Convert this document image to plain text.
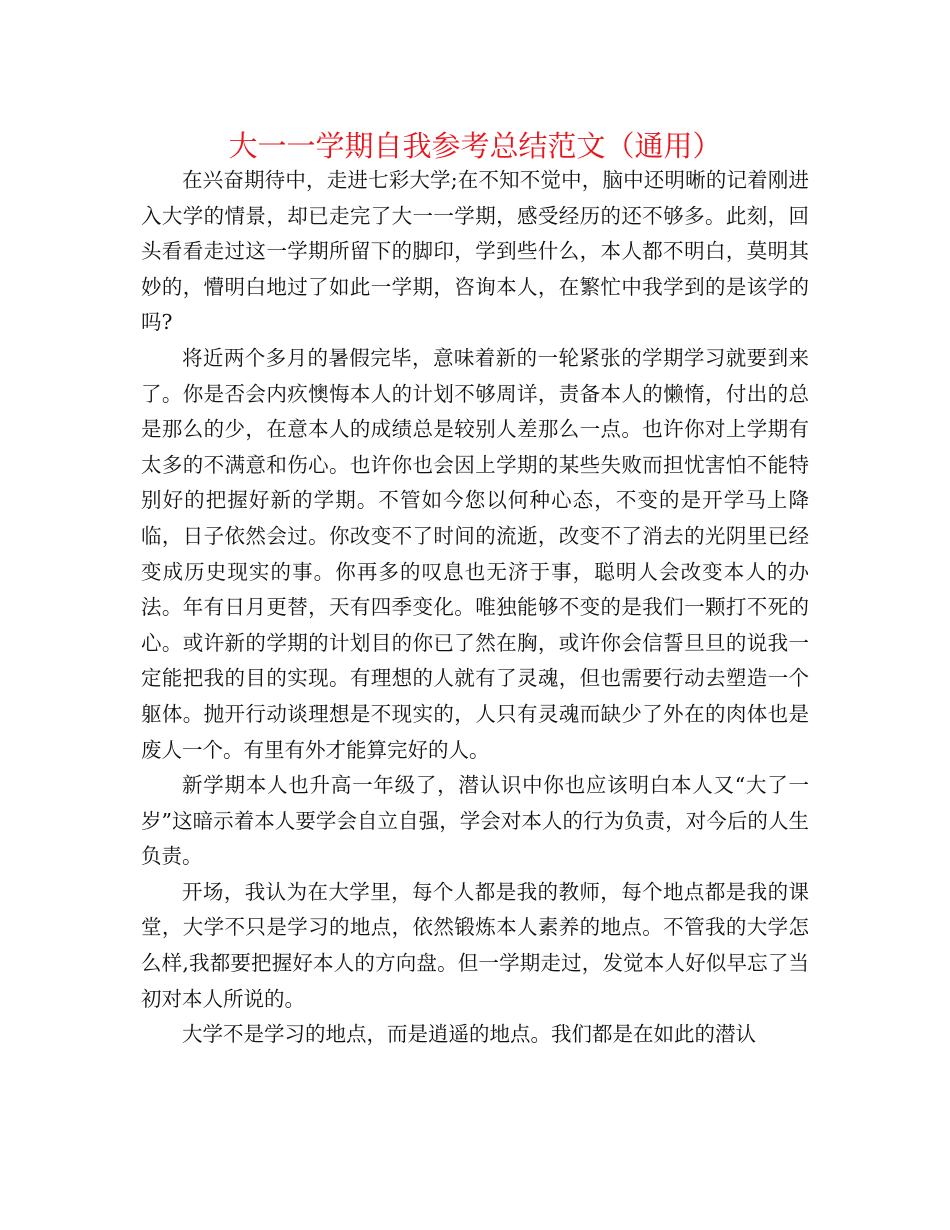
大一一学期自我参考总结范文（通用）

在兴奋期待中，走进七彩大学;在不知不觉中，脑中还明晰的记着刚进入大学的情景，却已走完了大一一学期，感受经历的还不够多。此刻，回头看看走过这一学期所留下的脚印，学到些什么，本人都不明白，莫明其妙的，懵明白地过了如此一学期，咨询本人，在繁忙中我学到的是该学的吗?

将近两个多月的暑假完毕，意味着新的一轮紧张的学期学习就要到来了。你是否会内疚懊悔本人的计划不够周详，责备本人的懒惰，付出的总是那么的少，在意本人的成绩总是较别人差那么一点。也许你对上学期有太多的不满意和伤心。也许你也会因上学期的某些失败而担忧害怕不能特别好的把握好新的学期。不管如今您以何种心态，不变的是开学马上降临，日子依然会过。你改变不了时间的流逝，改变不了消去的光阴里已经变成历史现实的事。你再多的叹息也无济于事，聪明人会改变本人的办法。年有日月更替，天有四季变化。唯独能够不变的是我们一颗打不死的心。或许新的学期的计划目的你已了然在胸，或许你会信誓旦旦的说我一定能把我的目的实现。有理想的人就有了灵魂，但也需要行动去塑造一个躯体。抛开行动谈理想是不现实的，人只有灵魂而缺少了外在的肉体也是废人一个。有里有外才能算完好的人。

新学期本人也升高一年级了，潜认识中你也应该明白本人又“大了一岁”这暗示着本人要学会自立自强，学会对本人的行为负责，对今后的人生负责。

开场，我认为在大学里，每个人都是我的教师，每个地点都是我的课堂，大学不只是学习的地点，依然锻炼本人素养的地点。不管我的大学怎么样,我都要把握好本人的方向盘。但一学期走过，发觉本人好似早忘了当初对本人所说的。

大学不是学习的地点，而是逍遥的地点。我们都是在如此的潜认
